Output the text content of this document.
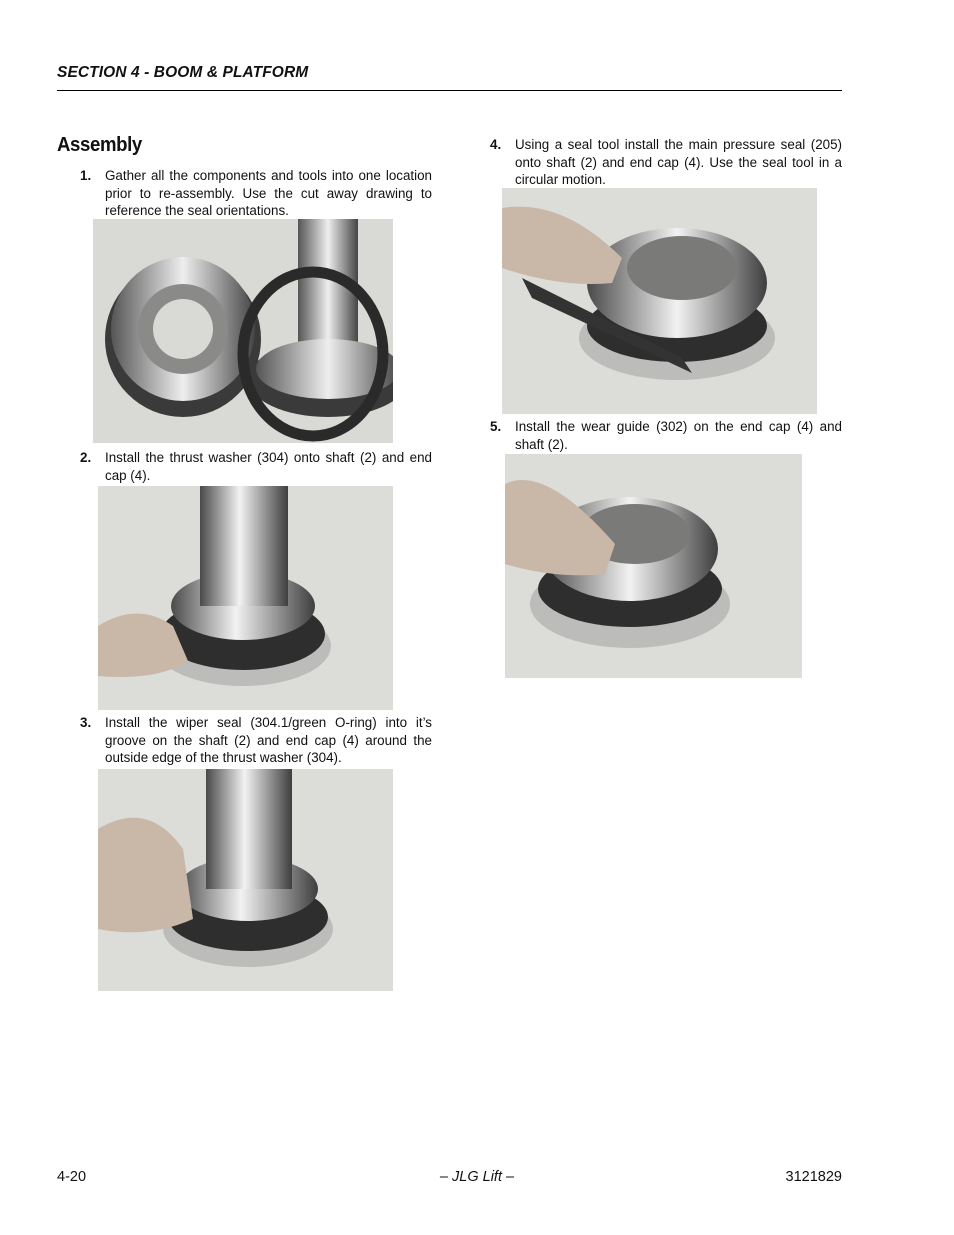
SECTION 4 - BOOM & PLATFORM
Assembly
1. Gather all the components and tools into one location prior to re-assembly. Use the cut away drawing to reference the seal orientations.
2. Install the thrust washer (304) onto shaft (2) and end cap (4).
3. Install the wiper seal (304.1/green O-ring) into it’s groove on the shaft (2) and end cap (4) around the outside edge of the thrust washer (304).
4. Using a seal tool install the main pressure seal (205) onto shaft (2) and end cap (4). Use the seal tool in a circular motion.
5. Install the wear guide (302) on the end cap (4) and shaft (2).
4-20	– JLG Lift –	3121829
